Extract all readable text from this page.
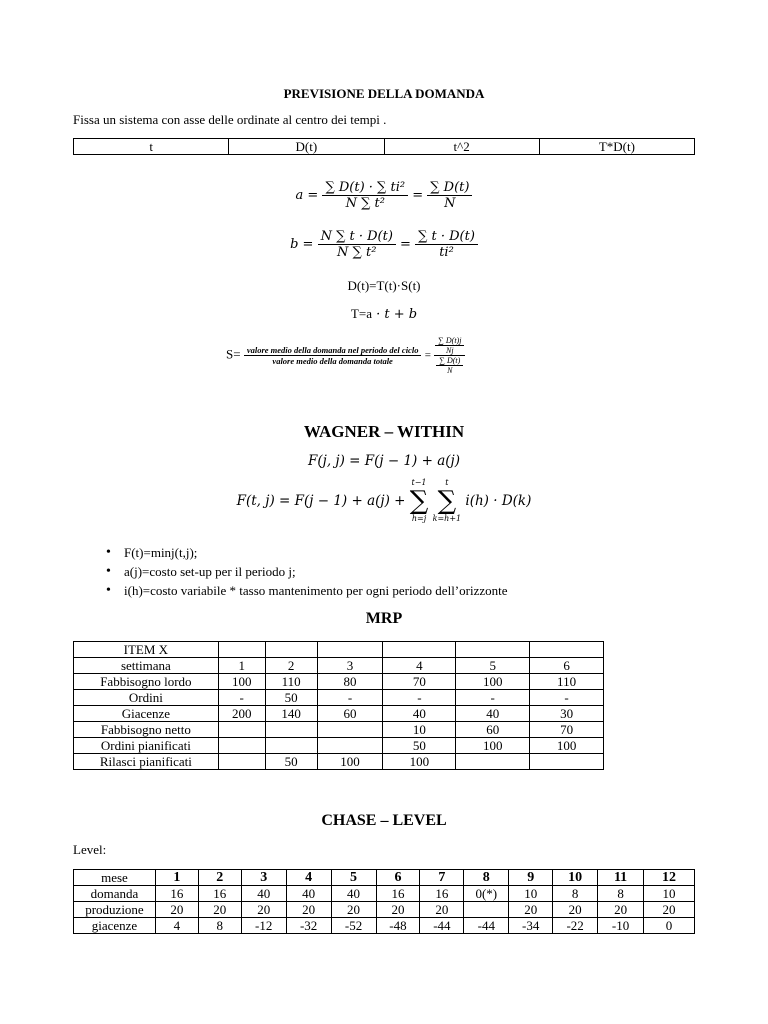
PREVISIONE DELLA DOMANDA
Fissa un sistema con asse delle ordinate al centro dei tempi .
t	D(t)	t^2	T*D(t)
$a = \frac{\text{∑ D(t) · ∑ ti²}}{\text{N ∑ t²}} = \frac{\sum D(t)}{N}$
$b = \frac{N \sum t \cdot D(t)}{\text{N ∑ t²}} = \frac{\sum t \cdot D(t)}{\text{ti²}}$
D(t)=T(t)·S(t)
T=a · t + b
$S= \frac{\text{valore medio della domanda nel periodo del ciclo}}{\text{valore medio della domanda totale}} = \frac{\frac{\sum D(t)j}{Nj}}{\frac{\sum D(t)}{N}}$
WAGNER – WITHIN
F(j, j) = F(j − 1) + a(j)
F(t, j) = F(j − 1) + a(j) +
t−1
∑
h=j

t
∑
k=h+1
i(h) · D(k)
• F(t)=minj(t,j);
• a(j)=costo set-up per il periodo j;
• i(h)=costo variabile * tasso mantenimento per ogni periodo dell’orizzonte
MRP
ITEM X						
settimana	1	2	3	4	5	6
Fabbisogno lordo	100	110	80	70	100	110
Ordini	-	50	-	-	-	-
Giacenze	200	140	60	40	40	30
Fabbisogno netto				10	60	70
Ordini pianificati				50	100	100
Rilasci pianificati		50	100	100		
CHASE – LEVEL
Level:
mese	1	2	3	4	5	6	7	8	9	10	11	12
domanda	16	16	40	40	40	16	16	0(*)	10	8	8	10
produzione	20	20	20	20	20	20	20		20	20	20	20
giacenze	4	8	-12	-32	-52	-48	-44	-44	-34	-22	-10	0
